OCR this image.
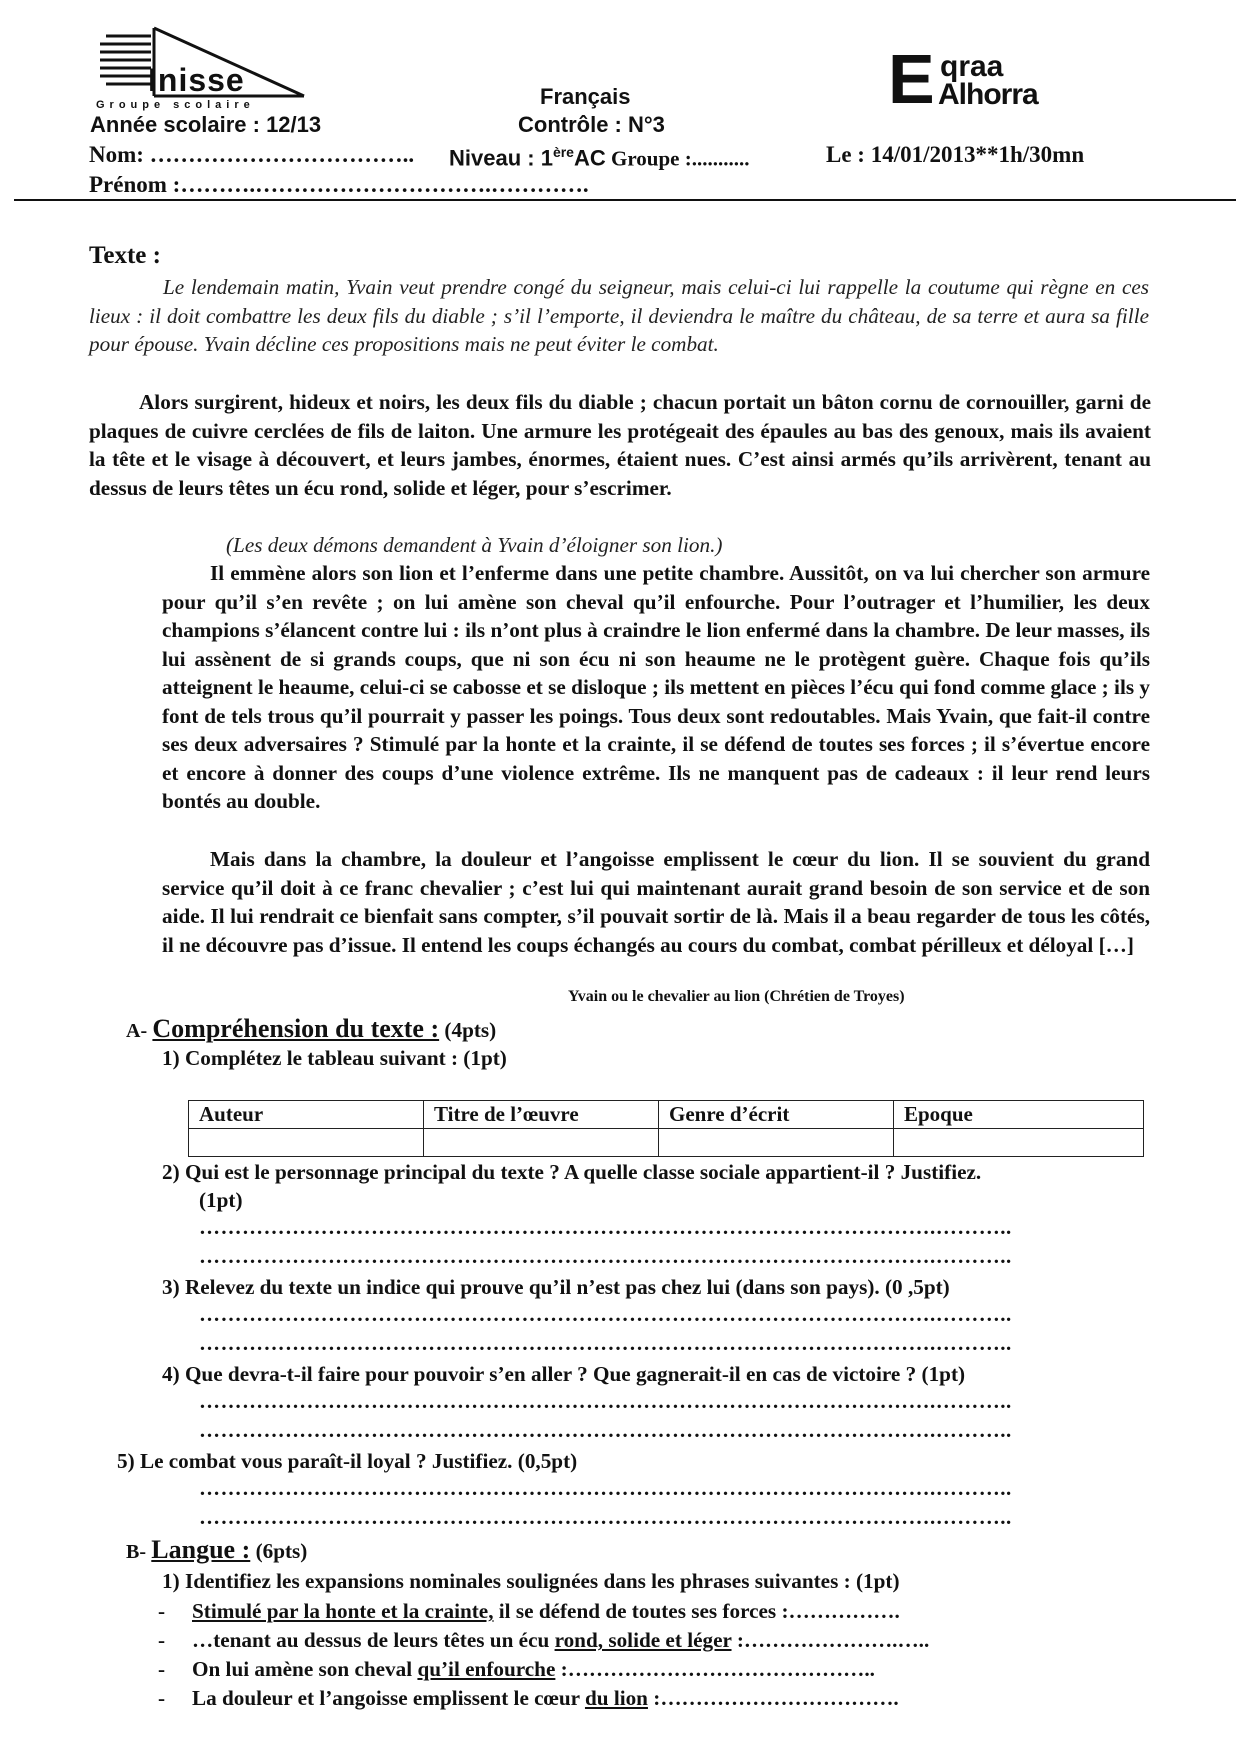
Inisse
Groupe scolaire	E qraa
Alhorra
Français
Année scolaire : 12/13	Contrôle : N°3
Nom: …………………………….. Niveau : 1èreAC Groupe :...........	Le : 14/01/2013**1h/30mn
Prénom :……….………………………….………….
Texte :

Le lendemain matin, Yvain veut prendre congé du seigneur, mais celui-ci lui rappelle la coutume qui règne en ces lieux : il doit combattre les deux fils du diable ; s’il l’emporte, il deviendra le maître du château, de sa terre et aura sa fille pour épouse. Yvain décline ces propositions mais ne peut éviter le combat.

Alors surgirent, hideux et noirs, les deux fils du diable ; chacun portait un bâton cornu de cornouiller, garni de plaques de cuivre cerclées de fils de laiton. Une armure les protégeait des épaules au bas des genoux, mais ils avaient la tête et le visage à découvert, et leurs jambes, énormes, étaient nues. C’est ainsi armés qu’ils arrivèrent, tenant au dessus de leurs têtes un écu rond, solide et léger, pour s’escrimer.

(Les deux démons demandent à Yvain d’éloigner son lion.)

Il emmène alors son lion et l’enferme dans une petite chambre. Aussitôt, on va lui chercher son armure pour qu’il s’en revête ; on lui amène son cheval qu’il enfourche. Pour l’outrager et l’humilier, les deux champions s’élancent contre lui : ils n’ont plus à craindre le lion enfermé dans la chambre. De leur masses, ils lui assènent de si grands coups, que ni son écu ni son heaume ne le protègent guère. Chaque fois qu’ils atteignent le heaume, celui-ci se cabosse et se disloque ; ils mettent en pièces l’écu qui fond comme glace ; ils y font de tels trous qu’il pourrait y passer les poings. Tous deux sont redoutables. Mais Yvain, que fait-il contre ses deux adversaires ? Stimulé par la honte et la crainte, il se défend de toutes ses forces ; il s’évertue encore et encore à donner des coups d’une violence extrême. Ils ne manquent pas de cadeaux : il leur rend leurs bontés au double.

Mais dans la chambre, la douleur et l’angoisse emplissent le cœur du lion. Il se souvient du grand service qu’il doit à ce franc chevalier ; c’est lui qui maintenant aurait grand besoin de son service et de son aide. Il lui rendrait ce bienfait sans compter, s’il pouvait sortir de là. Mais il a beau regarder de tous les côtés, il ne découvre pas d’issue. Il entend les coups échangés au cours du combat, combat périlleux et déloyal […]

Yvain ou le chevalier au lion (Chrétien de Troyes)
A- Compréhension du texte : (4pts)
1) Complétez le tableau suivant : (1pt)
Auteur	Titre de l’œuvre	Genre d’écrit	Epoque

2) Qui est le personnage principal du texte ? A quelle classe sociale appartient-il ? Justifiez.
(1pt)
………………………………………………………………………………………….………..
………………………………………………………………………………………….………..
3) Relevez du texte un indice qui prouve qu’il n’est pas chez lui (dans son pays). (0 ,5pt)
………………………………………………………………………………………….………..
………………………………………………………………………………………….………..
4) Que devra-t-il faire pour pouvoir s’en aller ? Que gagnerait-il en cas de victoire ? (1pt)
………………………………………………………………………………………….………..
………………………………………………………………………………………….………..
5) Le combat vous paraît-il loyal ? Justifiez. (0,5pt)
………………………………………………………………………………………….………..
………………………………………………………………………………………….………..
B- Langue : (6pts)
1) Identifiez les expansions nominales soulignées dans les phrases suivantes : (1pt)
- Stimulé par la honte et la crainte, il se défend de toutes ses forces :…………….
- …tenant au dessus de leurs têtes un écu rond, solide et léger :………………….…..
- On lui amène son cheval qu’il enfourche :……………………………………..
- La douleur et l’angoisse emplissent le cœur du lion :…………………………….
